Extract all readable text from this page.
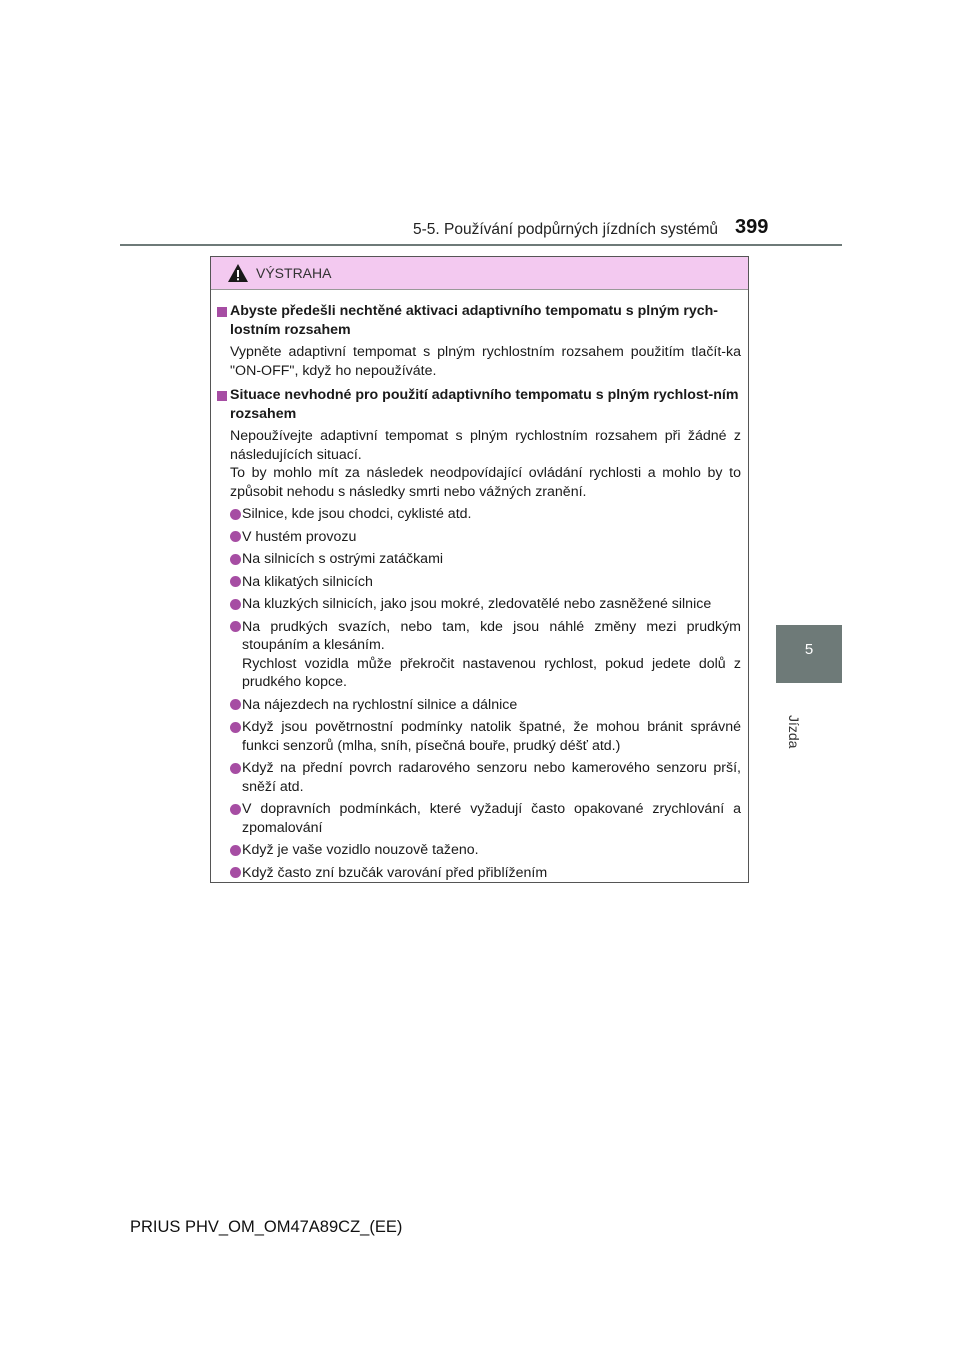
5-5. Používání podpůrných jízdních systémů 399
5
Jízda
VÝSTRAHA
Abyste předešli nechtěné aktivaci adaptivního tempomatu s plným rych-lostním rozsahem
Vypněte adaptivní tempomat s plným rychlostním rozsahem použitím tlačít-ka "ON-OFF", když ho nepoužíváte.
Situace nevhodné pro použití adaptivního tempomatu s plným rychlost-ním rozsahem
Nepoužívejte adaptivní tempomat s plným rychlostním rozsahem při žádné z následujících situací.
To by mohlo mít za následek neodpovídající ovládání rychlosti a mohlo by to způsobit nehodu s následky smrti nebo vážných zranění.
Silnice, kde jsou chodci, cyklisté atd.
V hustém provozu
Na silnicích s ostrými zatáčkami
Na klikatých silnicích
Na kluzkých silnicích, jako jsou mokré, zledovatělé nebo zasněžené silnice
Na prudkých svazích, nebo tam, kde jsou náhlé změny mezi prudkým stoupáním a klesáním.
Rychlost vozidla může překročit nastavenou rychlost, pokud jedete dolů z prudkého kopce.
Na nájezdech na rychlostní silnice a dálnice
Když jsou povětrnostní podmínky natolik špatné, že mohou bránit správné funkci senzorů (mlha, sníh, písečná bouře, prudký déšť atd.)
Když na přední povrch radarového senzoru nebo kamerového senzoru prší, sněží atd.
V dopravních podmínkách, které vyžadují často opakované zrychlování a zpomalování
Když je vaše vozidlo nouzově taženo.
Když často zní bzučák varování před přiblížením
PRIUS PHV_OM_OM47A89CZ_(EE)
